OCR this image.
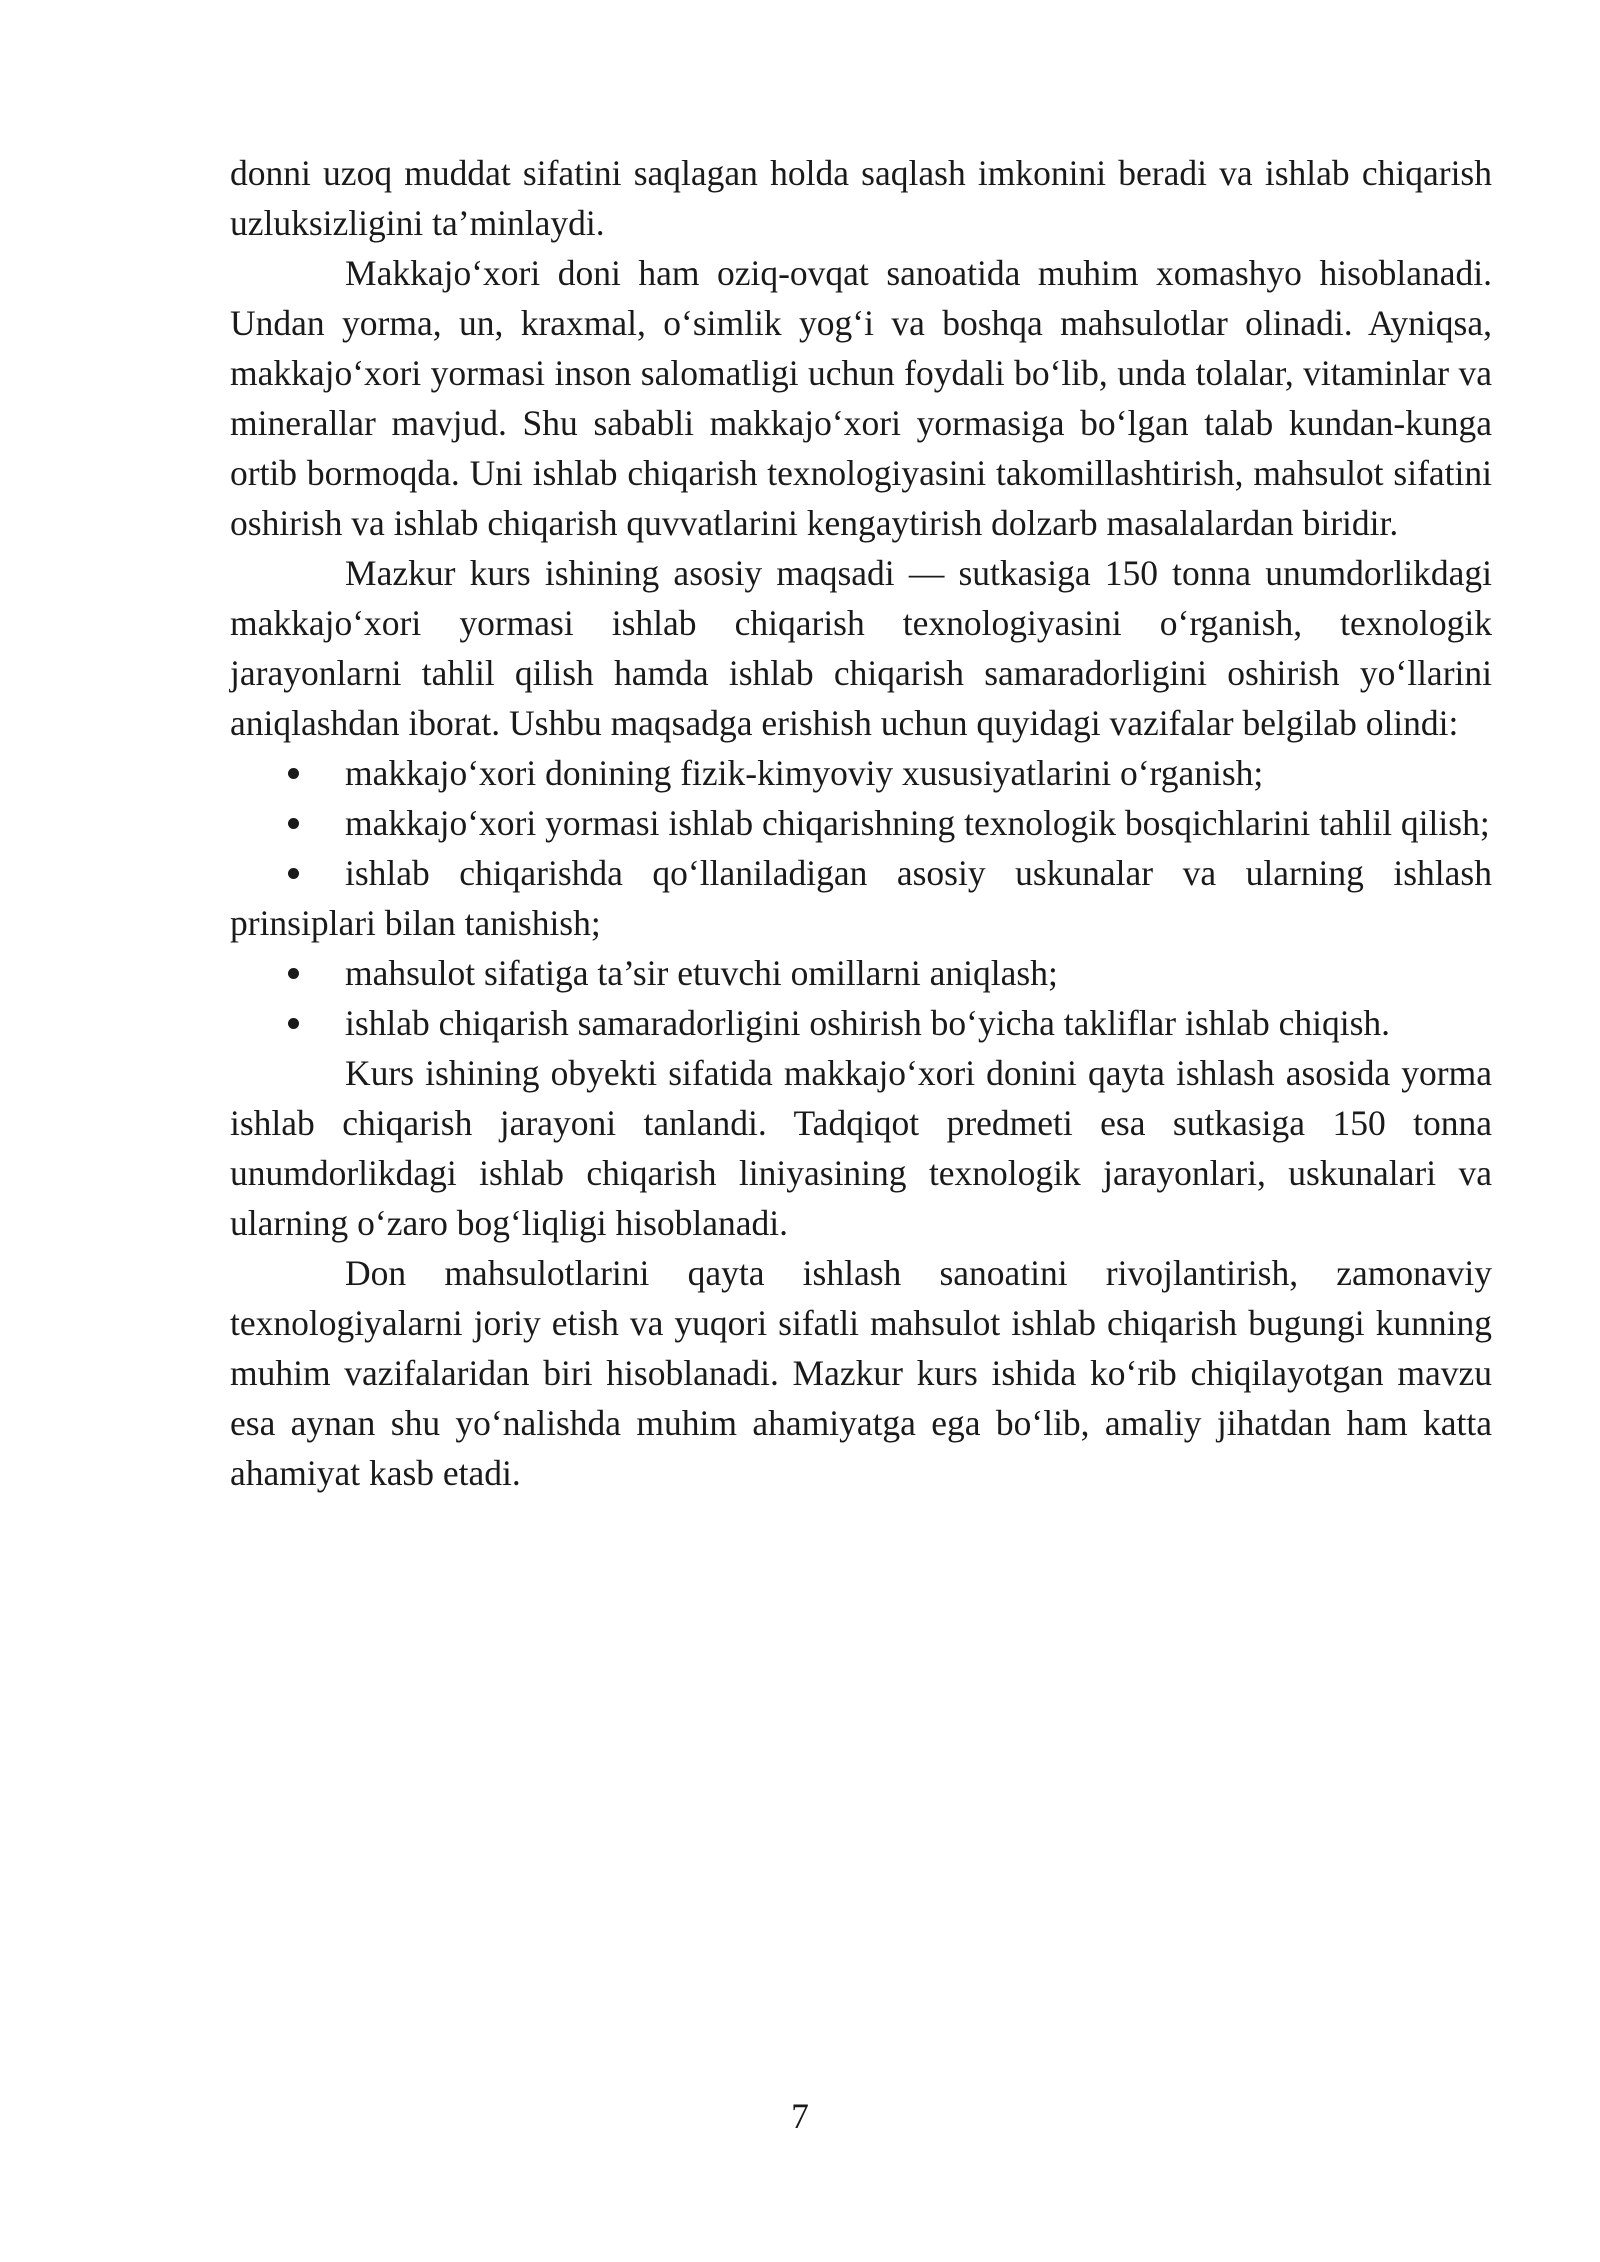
donni uzoq muddat sifatini saqlagan holda saqlash imkonini beradi va ishlab chiqarish uzluksizligini ta’minlaydi.

Makkajo‘xori doni ham oziq-ovqat sanoatida muhim xomashyo hisoblanadi. Undan yorma, un, kraxmal, o‘simlik yog‘i va boshqa mahsulotlar olinadi. Ayniqsa, makkajo‘xori yormasi inson salomatligi uchun foydali bo‘lib, unda tolalar, vitaminlar va minerallar mavjud. Shu sababli makkajo‘xori yormasiga bo‘lgan talab kundan-kunga ortib bormoqda. Uni ishlab chiqarish texnologiyasini takomillashtirish, mahsulot sifatini oshirish va ishlab chiqarish quvvatlarini kengaytirish dolzarb masalalardan biridir.

Mazkur kurs ishining asosiy maqsadi — sutkasiga 150 tonna unumdorlikdagi makkajo‘xori yormasi ishlab chiqarish texnologiyasini o‘rganish, texnologik jarayonlarni tahlil qilish hamda ishlab chiqarish samaradorligini oshirish yo‘llarini aniqlashdan iborat. Ushbu maqsadga erishish uchun quyidagi vazifalar belgilab olindi:

makkajo‘xori donining fizik-kimyoviy xususiyatlarini o‘rganish;
makkajo‘xori yormasi ishlab chiqarishning texnologik bosqichlarini tahlil qilish;
ishlab chiqarishda qo‘llaniladigan asosiy uskunalar va ularning ishlash prinsiplari bilan tanishish;
mahsulot sifatiga ta’sir etuvchi omillarni aniqlash;
ishlab chiqarish samaradorligini oshirish bo‘yicha takliflar ishlab chiqish.

Kurs ishining obyekti sifatida makkajo‘xori donini qayta ishlash asosida yorma ishlab chiqarish jarayoni tanlandi. Tadqiqot predmeti esa sutkasiga 150 tonna unumdorlikdagi ishlab chiqarish liniyasining texnologik jarayonlari, uskunalari va ularning o‘zaro bog‘liqligi hisoblanadi.

Don mahsulotlarini qayta ishlash sanoatini rivojlantirish, zamonaviy texnologiyalarni joriy etish va yuqori sifatli mahsulot ishlab chiqarish bugungi kunning muhim vazifalaridan biri hisoblanadi. Mazkur kurs ishida ko‘rib chiqilayotgan mavzu esa aynan shu yo‘nalishda muhim ahamiyatga ega bo‘lib, amaliy jihatdan ham katta ahamiyat kasb etadi.

7
